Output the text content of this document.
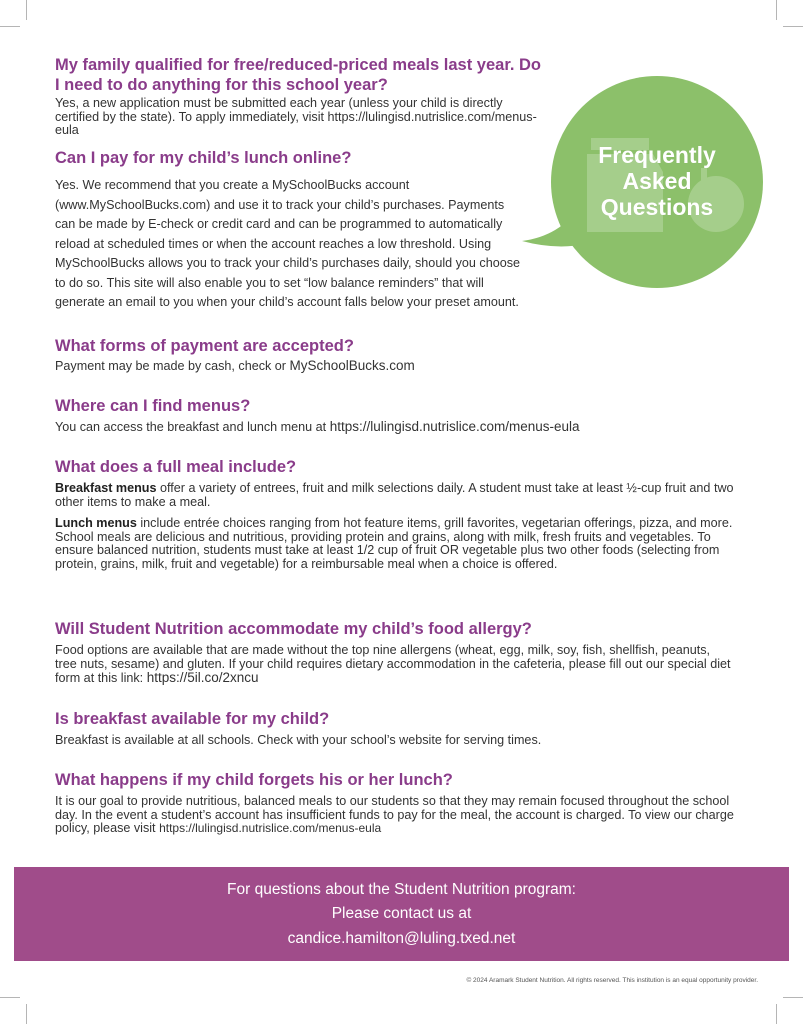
Frequently
Asked
Questions

My family qualified for free/reduced-priced meals last year. Do I need to do anything for this school year?

Yes, a new application must be submitted each year (unless your child is directly certified by the state). To apply immediately, visit https://lulingisd.nutrislice.com/menus-eula

Can I pay for my child’s lunch online?

Yes. We recommend that you create a MySchoolBucks account (www.MySchoolBucks.com) and use it to track your child’s purchases. Payments can be made by E-check or credit card and can be programmed to automatically reload at scheduled times or when the account reaches a low threshold. Using MySchoolBucks allows you to track your child’s purchases daily, should you choose to do so. This site will also enable you to set “low balance reminders” that will generate an email to you when your child’s account falls below your preset amount.

What forms of payment are accepted?

Payment may be made by cash, check or MySchoolBucks.com

Where can I find menus?

You can access the breakfast and lunch menu at https://lulingisd.nutrislice.com/menus-eula

What does a full meal include?

Breakfast menus offer a variety of entrees, fruit and milk selections daily. A student must take at least ½-cup fruit and two other items to make a meal.

Lunch menus include entrée choices ranging from hot feature items, grill favorites, vegetarian offerings, pizza, and more. School meals are delicious and nutritious, providing protein and grains, along with milk, fresh fruits and vegetables. To ensure balanced nutrition, students must take at least 1/2 cup of fruit OR vegetable plus two other foods (selecting from protein, grains, milk, fruit and vegetable) for a reimbursable meal when a choice is offered.

Will Student Nutrition accommodate my child’s food allergy?

Food options are available that are made without the top nine allergens (wheat, egg, milk, soy, fish, shellfish, peanuts, tree nuts, sesame) and gluten. If your child requires dietary accommodation in the cafeteria, please fill out our special diet form at this link: https://5il.co/2xncu

Is breakfast available for my child?

Breakfast is available at all schools. Check with your school’s website for serving times.

What happens if my child forgets his or her lunch?

It is our goal to provide nutritious, balanced meals to our students so that they may remain focused throughout the school day. In the event a student’s account has insufficient funds to pay for the meal, the account is charged. To view our charge policy, please visit https://lulingisd.nutrislice.com/menus-eula

For questions about the Student Nutrition program:
Please contact us at
candice.hamilton@luling.txed.net
© 2024 Aramark Student Nutrition. All rights reserved. This institution is an equal opportunity provider.
